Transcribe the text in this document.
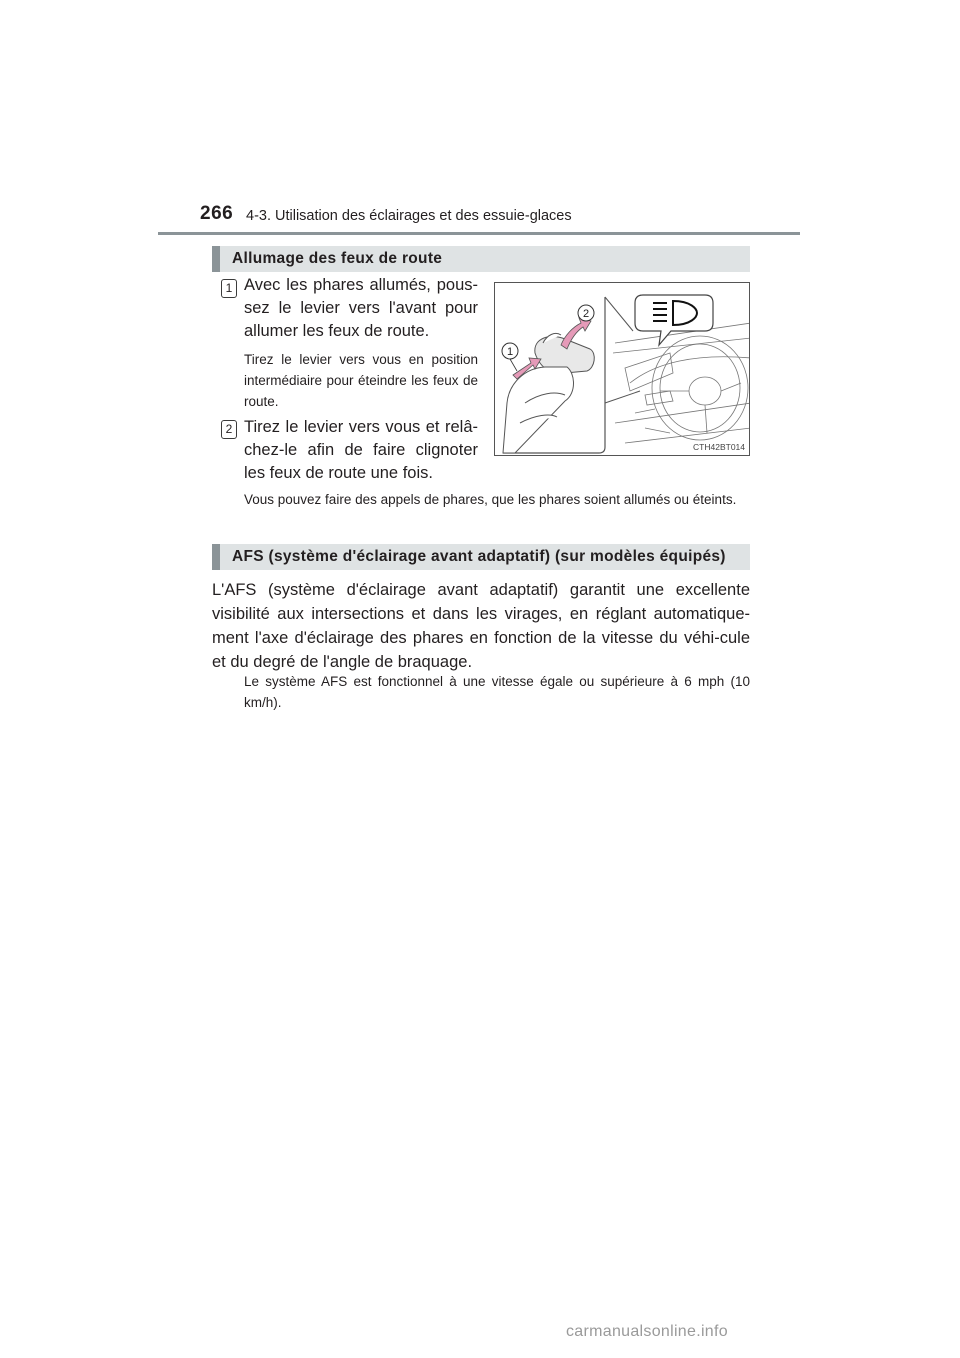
266 4-3. Utilisation des éclairages et des essuie-glaces
Allumage des feux de route
1 Avec les phares allumés, pous-sez le levier vers l'avant pour allumer les feux de route.
Tirez le levier vers vous en position intermédiaire pour éteindre les feux de route.
2 Tirez le levier vers vous et relâ-chez-le afin de faire clignoter les feux de route une fois.
Vous pouvez faire des appels de phares, que les phares soient allumés ou éteints.
1
2
CTH42BT014
AFS (système d'éclairage avant adaptatif) (sur modèles équipés)
L'AFS (système d'éclairage avant adaptatif) garantit une excellente visibilité aux intersections et dans les virages, en réglant automatique-ment l'axe d'éclairage des phares en fonction de la vitesse du véhi-cule et du degré de l'angle de braquage.
Le système AFS est fonctionnel à une vitesse égale ou supérieure à 6 mph (10 km/h).
carmanualsonline.info
